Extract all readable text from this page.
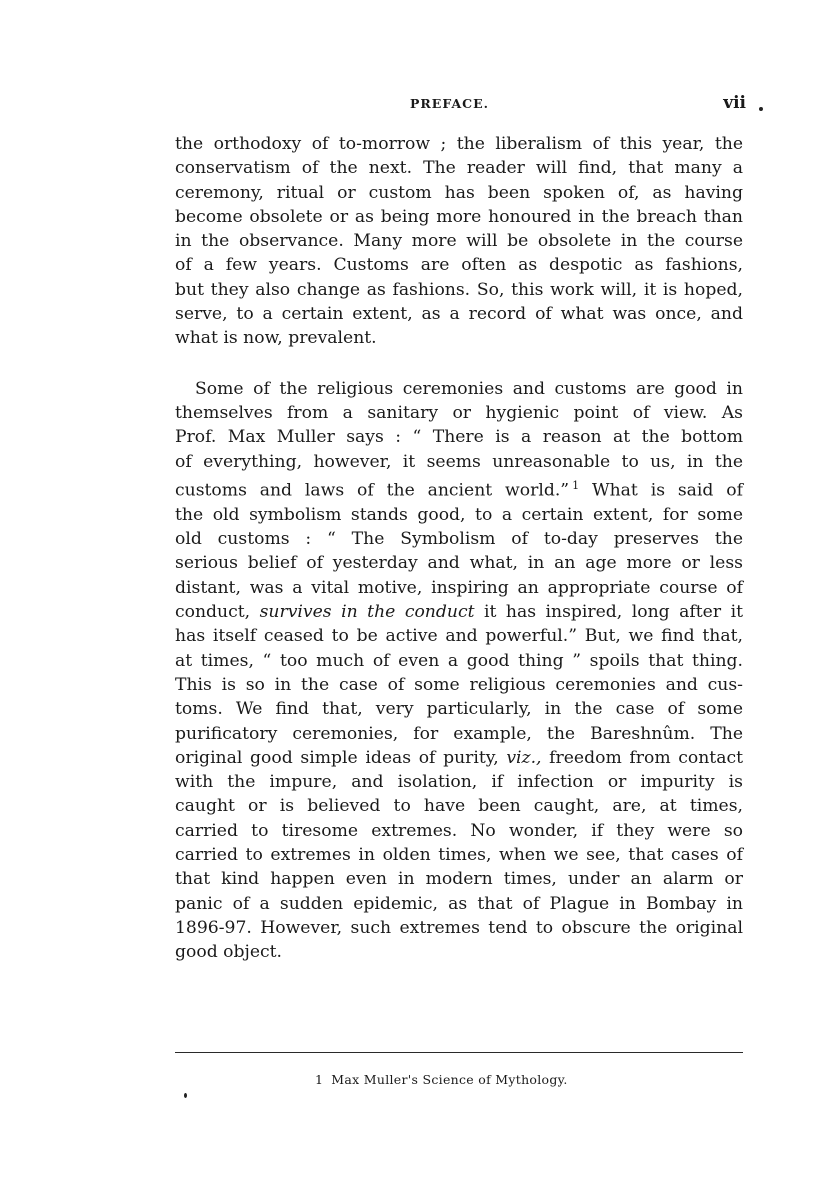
PREFACE.	vii

the orthodoxy of to-morrow ; the liberalism of this year, the
conservatism of the next. The reader will find, that many a
ceremony, ritual or custom has been spoken of, as having
become obsolete or as being more honoured in the breach than
in the observance. Many more will be obsolete in the course
of a few years. Customs are often as despotic as fashions,
but they also change as fashions. So, this work will, it is hoped,
serve, to a certain extent, as a record of what was once, and
what is now, prevalent.

Some of the religious ceremonies and customs are good in
themselves from a sanitary or hygienic point of view. As
Prof. Max Muller says : “ There is a reason at the bottom
of everything, however, it seems unreasonable to us, in the
customs and laws of the ancient world.” $^1$ What is said of
the old symbolism stands good, to a certain extent, for some
old customs : “ The Symbolism of to-day preserves the
serious belief of yesterday and what, in an age more or less
distant, was a vital motive, inspiring an appropriate course of
conduct, survives in the conduct it has inspired, long after it
has itself ceased to be active and powerful.” But, we find that,
at times, “ too much of even a good thing ” spoils that thing.
This is so in the case of some religious ceremonies and cus-
toms. We find that, very particularly, in the case of some
purificatory ceremonies, for example, the Bareshnûm. The
original good simple ideas of purity, viz., freedom from contact
with the impure, and isolation, if infection or impurity is
caught or is believed to have been caught, are, at times,
carried to tiresome extremes. No wonder, if they were so
carried to extremes in olden times, when we see, that cases of
that kind happen even in modern times, under an alarm or
panic of a sudden epidemic, as that of Plague in Bombay in
1896-97. However, such extremes tend to obscure the original
good object.

1 Max Muller's Science of Mythology.
